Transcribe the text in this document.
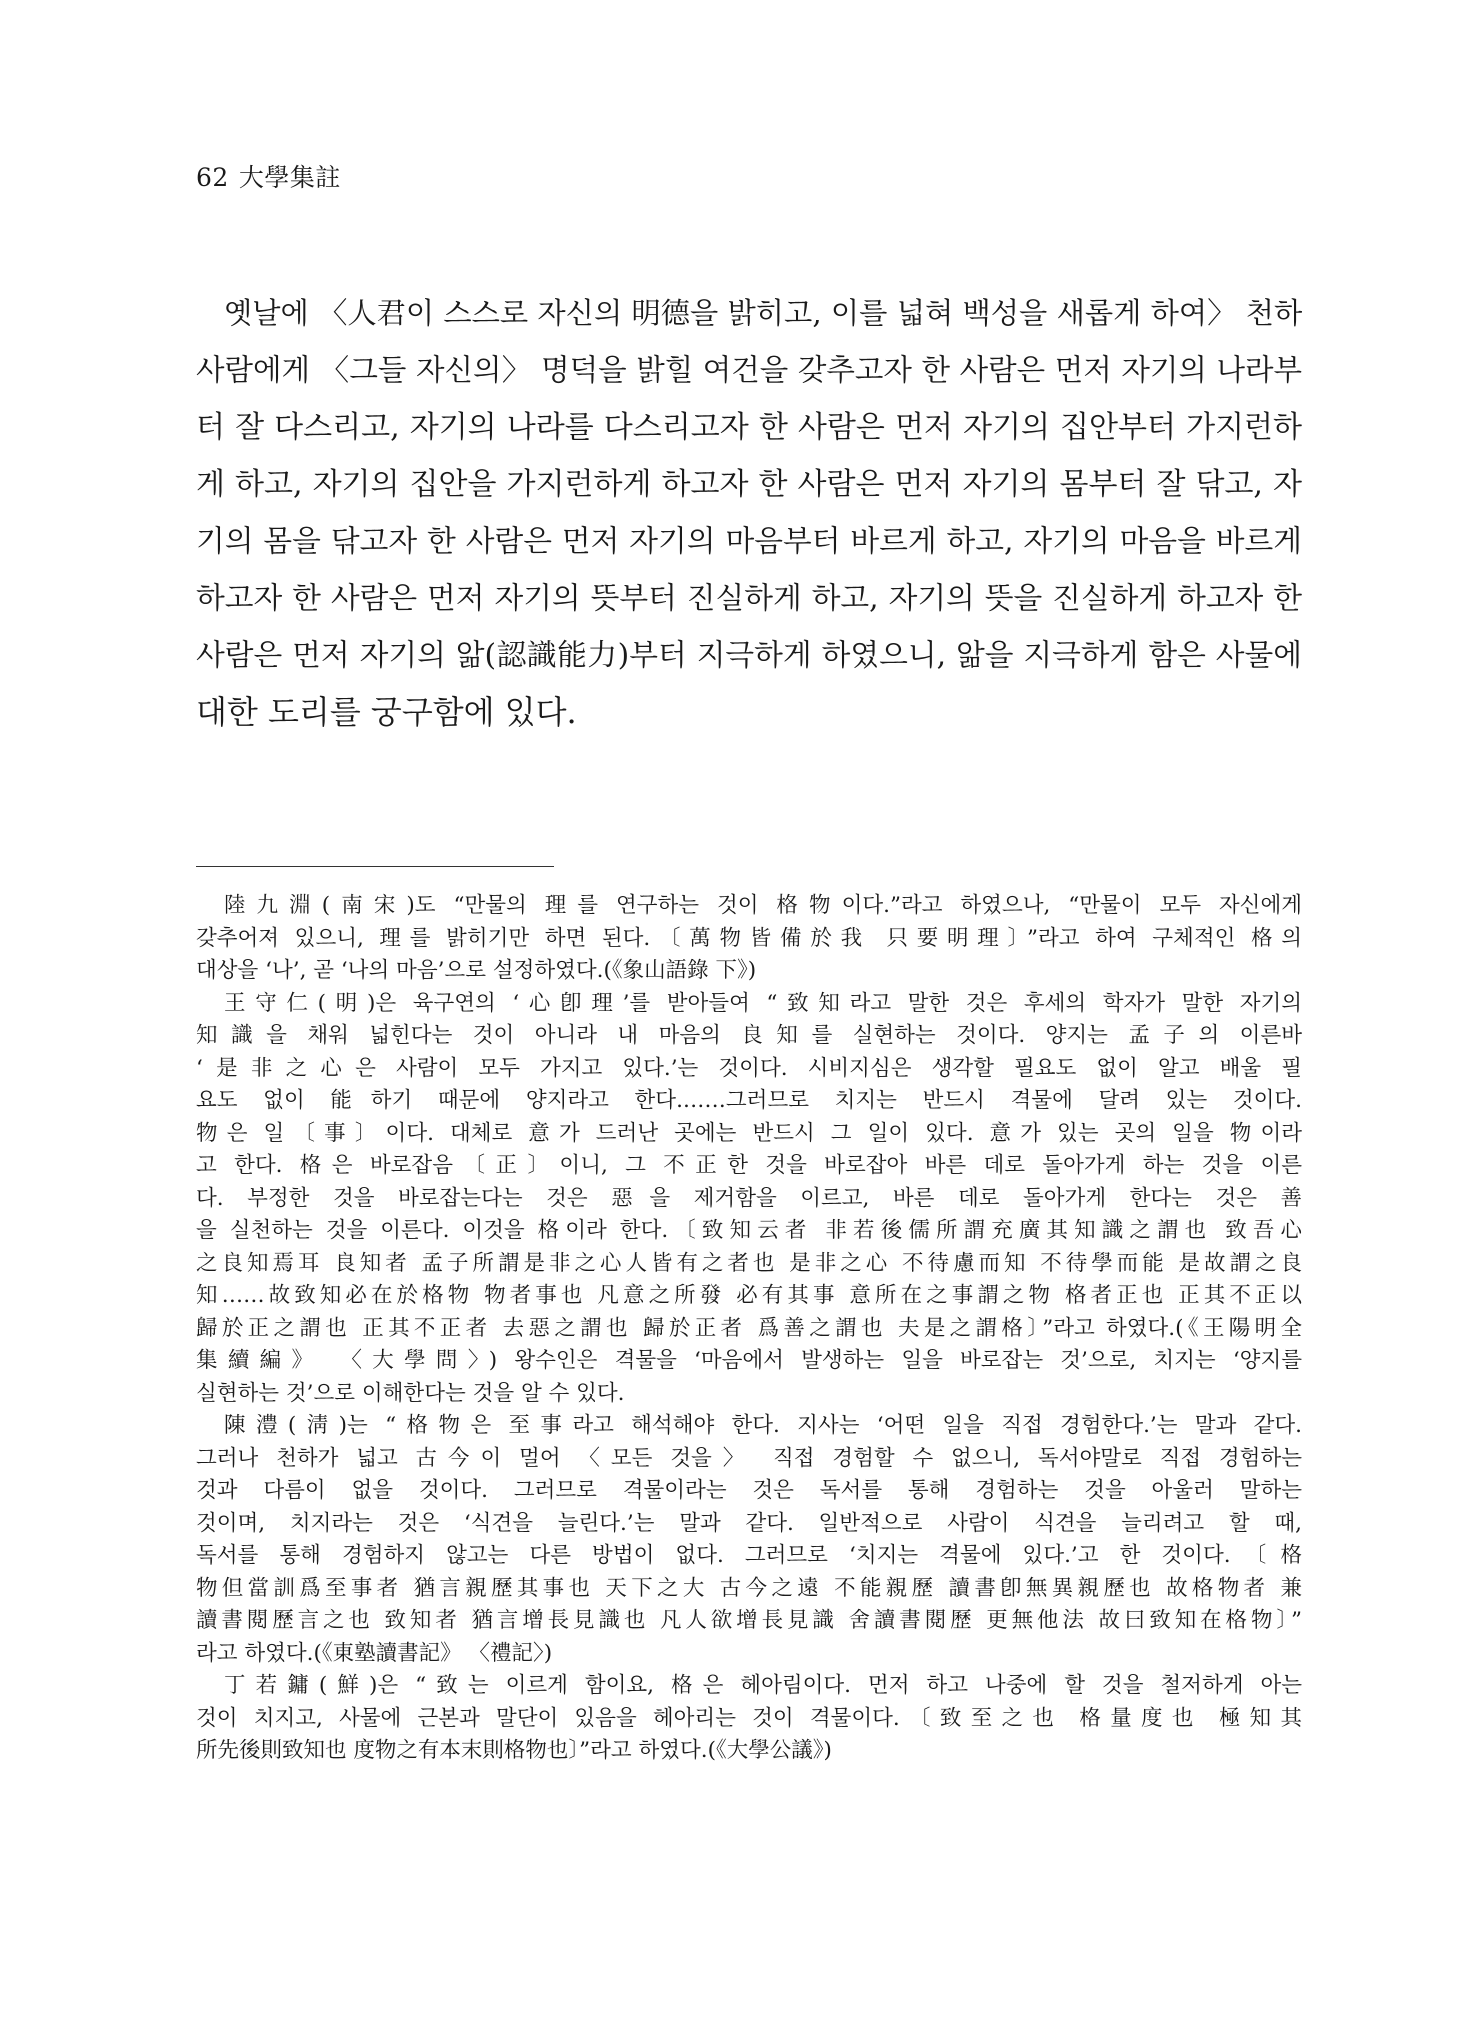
62 大學集註
옛날에 〈人君이 스스로 자신의 明德을 밝히고, 이를 넓혀 백성을 새롭게 하여〉 천하
사람에게 〈그들 자신의〉 명덕을 밝힐 여건을 갖추고자 한 사람은 먼저 자기의 나라부
터 잘 다스리고, 자기의 나라를 다스리고자 한 사람은 먼저 자기의 집안부터 가지런하
게 하고, 자기의 집안을 가지런하게 하고자 한 사람은 먼저 자기의 몸부터 잘 닦고, 자
기의 몸을 닦고자 한 사람은 먼저 자기의 마음부터 바르게 하고, 자기의 마음을 바르게
하고자 한 사람은 먼저 자기의 뜻부터 진실하게 하고, 자기의 뜻을 진실하게 하고자 한
사람은 먼저 자기의 앎(認識能力)부터 지극하게 하였으니, 앎을 지극하게 함은 사물에
대한 도리를 궁구함에 있다.
陸九淵(南宋)도 “만물의 理를 연구하는 것이 格物이다.”라고 하였으나, “만물이 모두 자신에게
갖추어져 있으니, 理를 밝히기만 하면 된다.〔萬物皆備於我 只要明理〕”라고 하여 구체적인 格의
대상을 ‘나’, 곧 ‘나의 마음’으로 설정하였다.(《象山語錄 下》)
王守仁(明)은 육구연의 ‘心卽理’를 받아들여 “致知라고 말한 것은 후세의 학자가 말한 자기의
知識을 채워 넓힌다는 것이 아니라 내 마음의 良知를 실현하는 것이다. 양지는 孟子의 이른바
‘是非之心은 사람이 모두 가지고 있다.’는 것이다. 시비지심은 생각할 필요도 없이 알고 배울 필
요도 없이 能하기 때문에 양지라고 한다.……그러므로 치지는 반드시 격물에 달려 있는 것이다.
物은 일〔事〕이다. 대체로 意가 드러난 곳에는 반드시 그 일이 있다. 意가 있는 곳의 일을 物이라
고 한다. 格은 바로잡음〔正〕이니, 그 不正한 것을 바로잡아 바른 데로 돌아가게 하는 것을 이른
다. 부정한 것을 바로잡는다는 것은 惡을 제거함을 이르고, 바른 데로 돌아가게 한다는 것은 善
을 실천하는 것을 이른다. 이것을 格이라 한다.〔致知云者 非若後儒所謂充廣其知識之謂也 致吾心
之良知焉耳 良知者 孟子所謂是非之心人皆有之者也 是非之心 不待慮而知 不待學而能 是故謂之良
知……故致知必在於格物 物者事也 凡意之所發 必有其事 意所在之事謂之物 格者正也 正其不正以
歸於正之謂也 正其不正者 去惡之謂也 歸於正者 爲善之謂也 夫是之謂格〕”라고 하였다.(《王陽明全
集續編》 〈大學問〉) 왕수인은 격물을 ‘마음에서 발생하는 일을 바로잡는 것’으로, 치지는 ‘양지를
실현하는 것’으로 이해한다는 것을 알 수 있다.
陳澧(淸)는 “格物은 至事라고 해석해야 한다. 지사는 ‘어떤 일을 직접 경험한다.’는 말과 같다.
그러나 천하가 넓고 古今이 멀어 〈모든 것을〉 직접 경험할 수 없으니, 독서야말로 직접 경험하는
것과 다름이 없을 것이다. 그러므로 격물이라는 것은 독서를 통해 경험하는 것을 아울러 말하는
것이며, 치지라는 것은 ‘식견을 늘린다.’는 말과 같다. 일반적으로 사람이 식견을 늘리려고 할 때,
독서를 통해 경험하지 않고는 다른 방법이 없다. 그러므로 ‘치지는 격물에 있다.’고 한 것이다.〔格
物但當訓爲至事者 猶言親歷其事也 天下之大 古今之遠 不能親歷 讀書卽無異親歷也 故格物者 兼
讀書閱歷言之也 致知者 猶言增長見識也 凡人欲增長見識 舍讀書閱歷 更無他法 故曰致知在格物〕”
라고 하였다.(《東塾讀書記》 〈禮記〉)
丁若鏞(鮮)은 “致는 이르게 함이요, 格은 헤아림이다. 먼저 하고 나중에 할 것을 철저하게 아는
것이 치지고, 사물에 근본과 말단이 있음을 헤아리는 것이 격물이다.〔致至之也 格量度也 極知其
所先後則致知也 度物之有本末則格物也〕”라고 하였다.(《大學公議》)
